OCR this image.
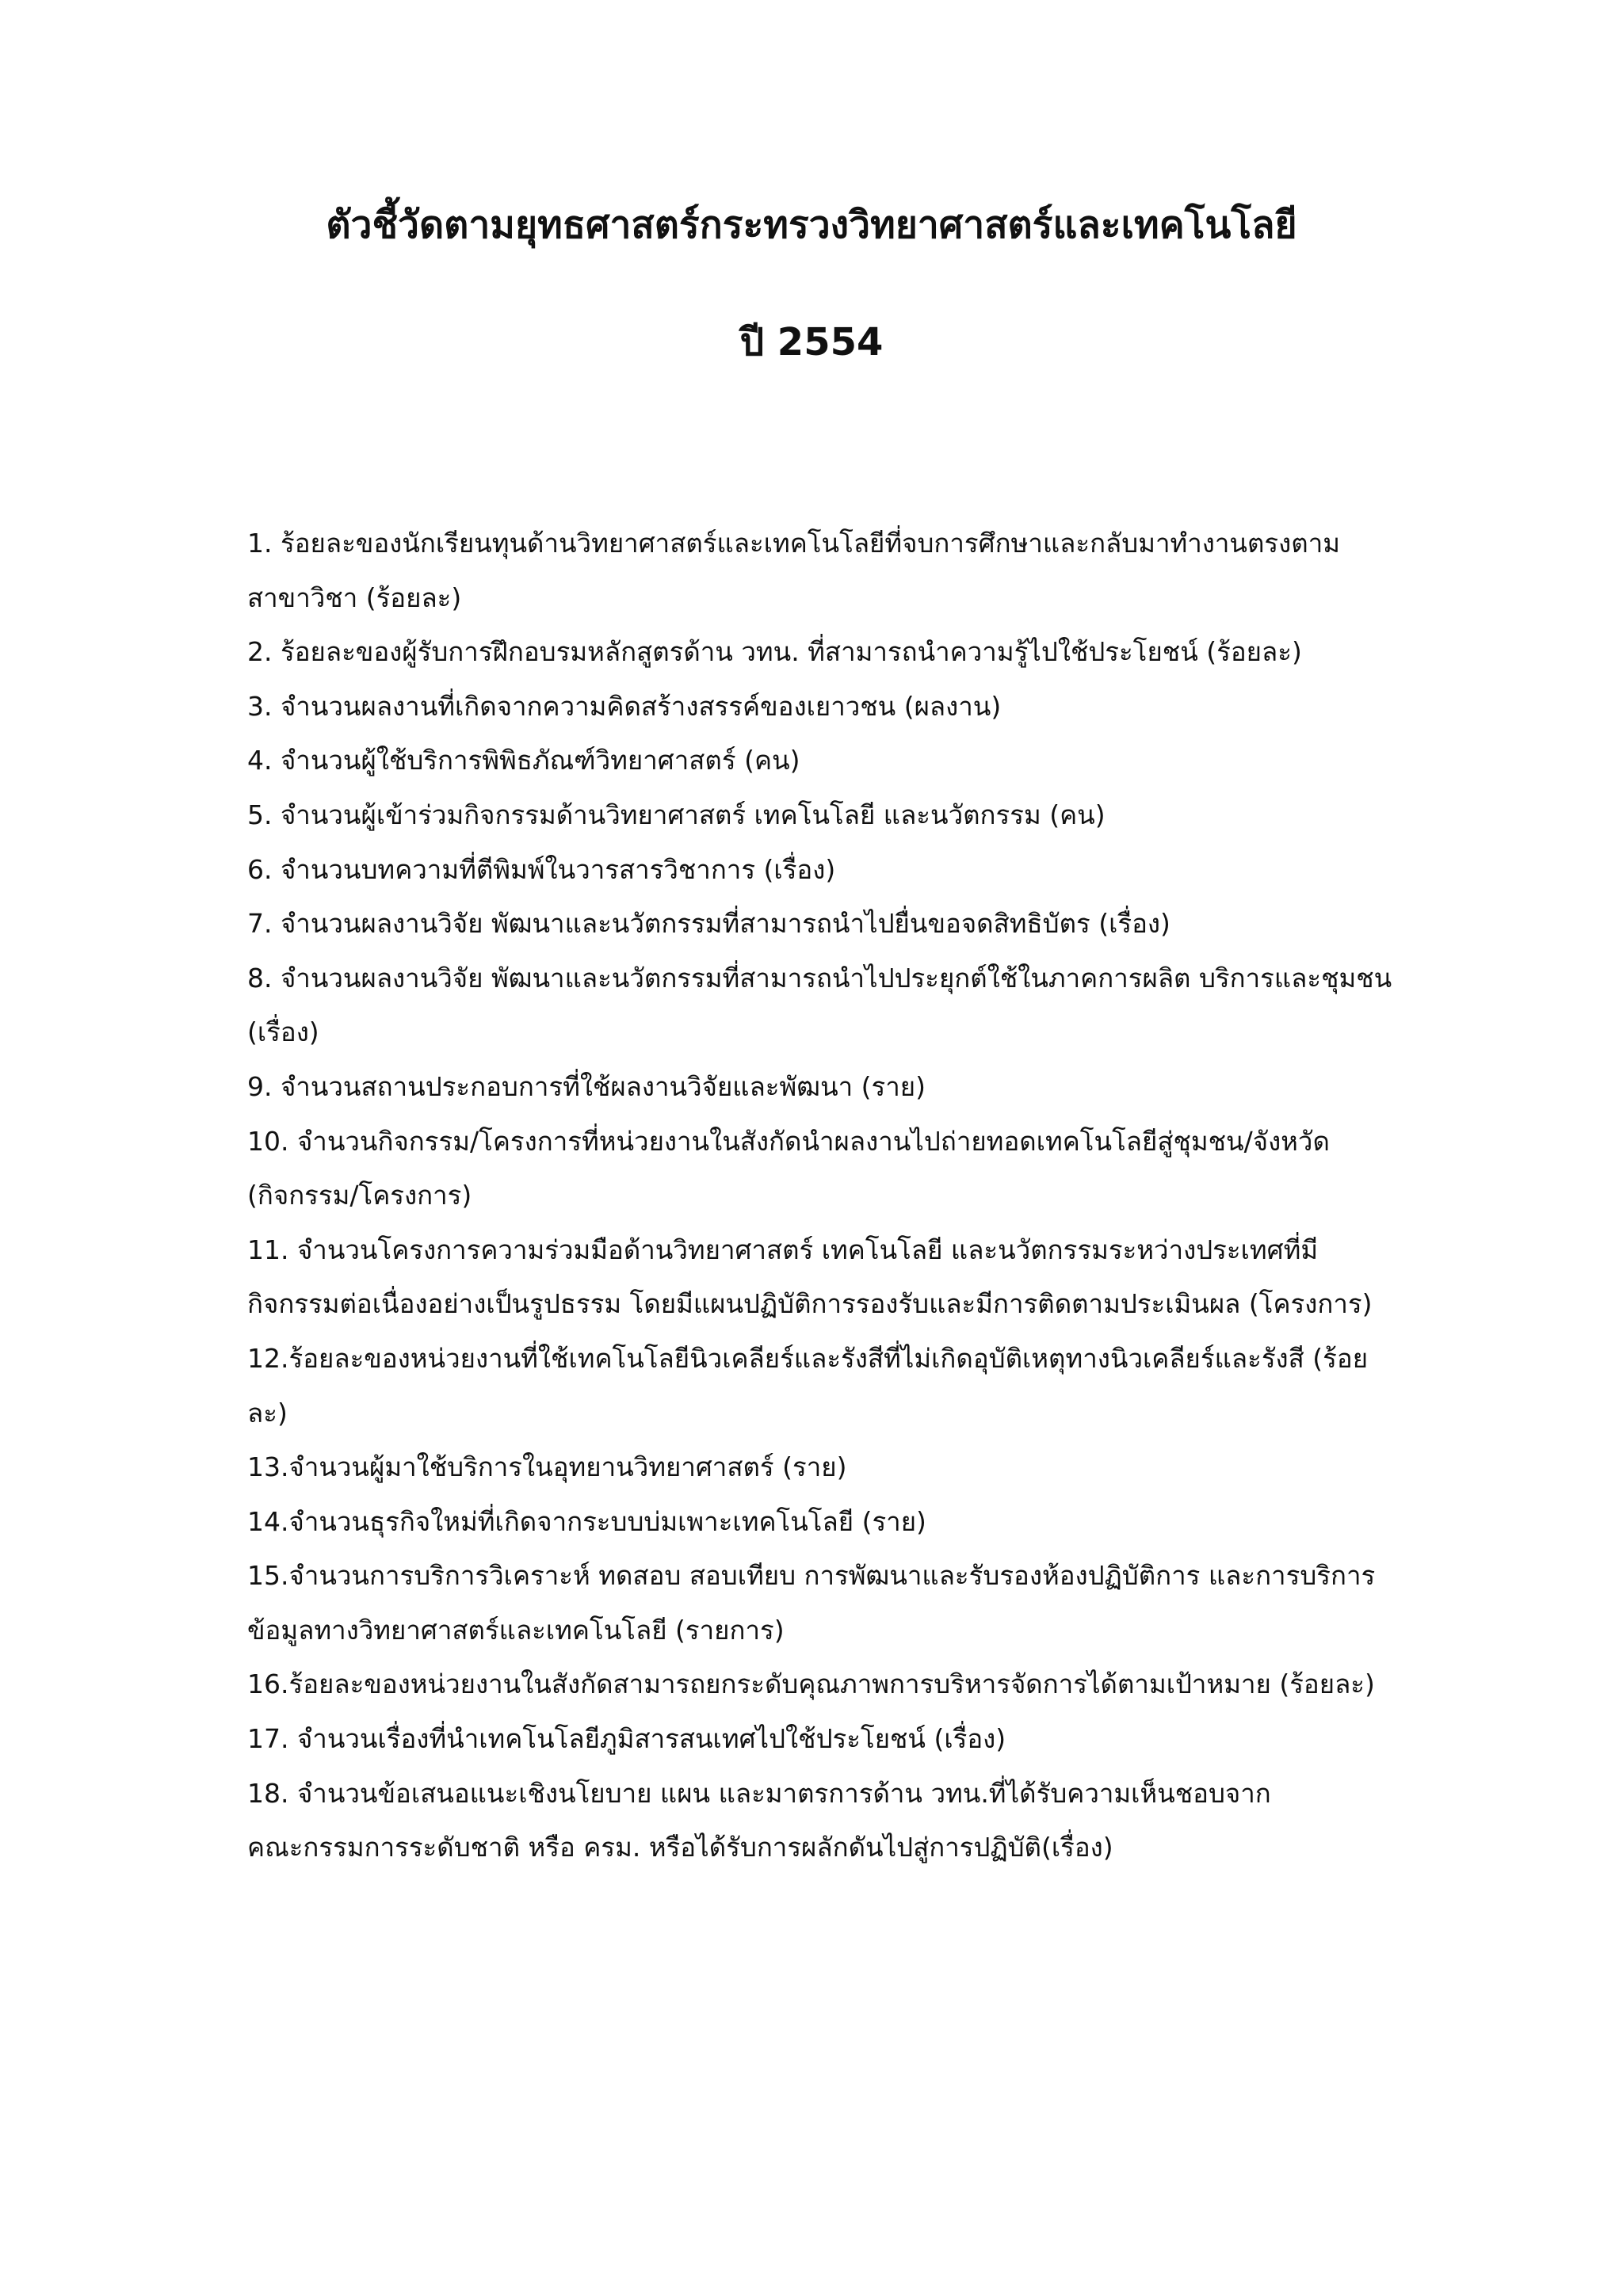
ตัวชี้วัดตามยุทธศาสตร์กระทรวงวิทยาศาสตร์และเทคโนโลยี
ปี 2554
1. ร้อยละของนักเรียนทุนด้านวิทยาศาสตร์และเทคโนโลยีที่จบการศึกษาและกลับมาทำงานตรงตาม
สาขาวิชา (ร้อยละ)
2. ร้อยละของผู้รับการฝึกอบรมหลักสูตรด้าน วทน. ที่สามารถนำความรู้ไปใช้ประโยชน์ (ร้อยละ)
3. จำนวนผลงานที่เกิดจากความคิดสร้างสรรค์ของเยาวชน (ผลงาน)
4. จำนวนผู้ใช้บริการพิพิธภัณฑ์วิทยาศาสตร์ (คน)
5. จำนวนผู้เข้าร่วมกิจกรรมด้านวิทยาศาสตร์ เทคโนโลยี และนวัตกรรม (คน)
6. จำนวนบทความที่ตีพิมพ์ในวารสารวิชาการ (เรื่อง)
7. จำนวนผลงานวิจัย พัฒนาและนวัตกรรมที่สามารถนำไปยื่นขอจดสิทธิบัตร (เรื่อง)
8. จำนวนผลงานวิจัย พัฒนาและนวัตกรรมที่สามารถนำไปประยุกต์ใช้ในภาคการผลิต บริการและชุมชน
(เรื่อง)
9. จำนวนสถานประกอบการที่ใช้ผลงานวิจัยและพัฒนา (ราย)
10. จำนวนกิจกรรม/โครงการที่หน่วยงานในสังกัดนำผลงานไปถ่ายทอดเทคโนโลยีสู่ชุมชน/จังหวัด
(กิจกรรม/โครงการ)
11. จำนวนโครงการความร่วมมือด้านวิทยาศาสตร์ เทคโนโลยี และนวัตกรรมระหว่างประเทศที่มี
กิจกรรมต่อเนื่องอย่างเป็นรูปธรรม โดยมีแผนปฏิบัติการรองรับและมีการติดตามประเมินผล (โครงการ)
12.ร้อยละของหน่วยงานที่ใช้เทคโนโลยีนิวเคลียร์และรังสีที่ไม่เกิดอุบัติเหตุทางนิวเคลียร์และรังสี (ร้อย
ละ)
13.จำนวนผู้มาใช้บริการในอุทยานวิทยาศาสตร์ (ราย)
14.จำนวนธุรกิจใหม่ที่เกิดจากระบบบ่มเพาะเทคโนโลยี (ราย)
15.จำนวนการบริการวิเคราะห์ ทดสอบ สอบเทียบ การพัฒนาและรับรองห้องปฏิบัติการ และการบริการ
ข้อมูลทางวิทยาศาสตร์และเทคโนโลยี (รายการ)
16.ร้อยละของหน่วยงานในสังกัดสามารถยกระดับคุณภาพการบริหารจัดการได้ตามเป้าหมาย (ร้อยละ)
17. จำนวนเรื่องที่นำเทคโนโลยีภูมิสารสนเทศไปใช้ประโยชน์ (เรื่อง)
18. จำนวนข้อเสนอแนะเชิงนโยบาย แผน และมาตรการด้าน วทน.ที่ได้รับความเห็นชอบจาก
คณะกรรมการระดับชาติ หรือ ครม. หรือได้รับการผลักดันไปสู่การปฏิบัติ(เรื่อง)
